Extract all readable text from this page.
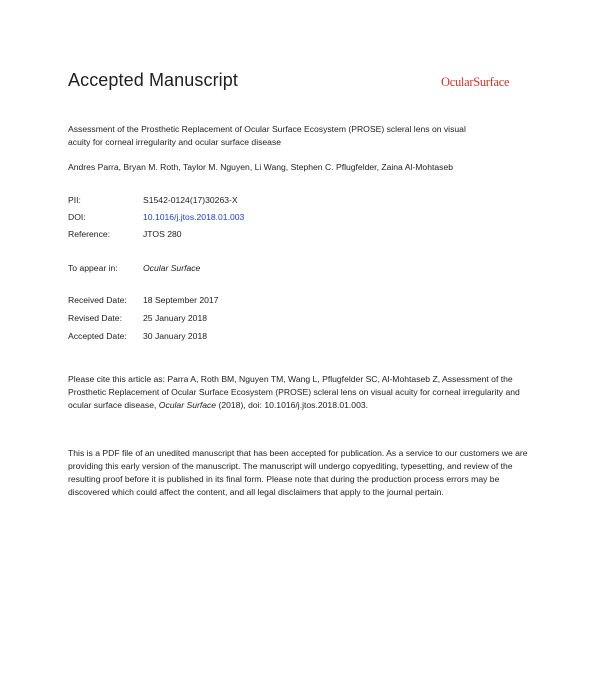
Accepted Manuscript	OcularSurface
Assessment of the Prosthetic Replacement of Ocular Surface Ecosystem (PROSE) scleral lens on visual acuity for corneal irregularity and ocular surface disease
Andres Parra, Bryan M. Roth, Taylor M. Nguyen, Li Wang, Stephen C. Pflugfelder, Zaina Al-Mohtaseb
PII:	S1542-0124(17)30263-X
DOI:	10.1016/j.jtos.2018.01.003
Reference:	JTOS 280
To appear in:	Ocular Surface
Received Date: 18 September 2017
Revised Date: 25 January 2018
Accepted Date: 30 January 2018
Please cite this article as: Parra A, Roth BM, Nguyen TM, Wang L, Pflugfelder SC, Al-Mohtaseb Z, Assessment of the Prosthetic Replacement of Ocular Surface Ecosystem (PROSE) scleral lens on visual acuity for corneal irregularity and ocular surface disease, Ocular Surface (2018), doi: 10.1016/j.jtos.2018.01.003.
This is a PDF file of an unedited manuscript that has been accepted for publication. As a service to our customers we are providing this early version of the manuscript. The manuscript will undergo copyediting, typesetting, and review of the resulting proof before it is published in its final form. Please note that during the production process errors may be discovered which could affect the content, and all legal disclaimers that apply to the journal pertain.
